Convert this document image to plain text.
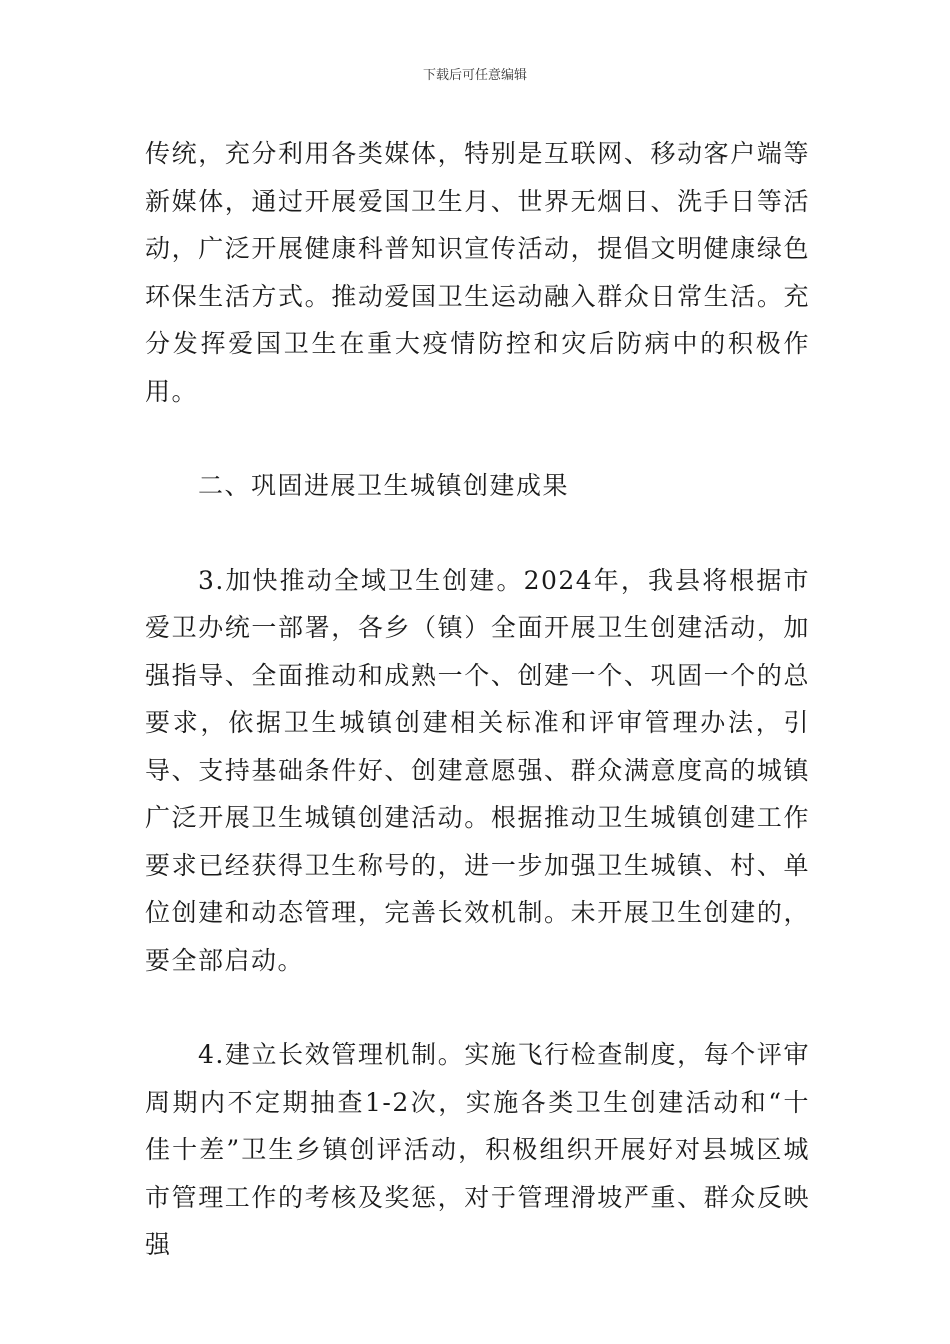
下载后可任意编辑

传统，充分利用各类媒体，特别是互联网、移动客户端等新媒体，通过开展爱国卫生月、世界无烟日、洗手日等活动，广泛开展健康科普知识宣传活动，提倡文明健康绿色环保生活方式。推动爱国卫生运动融入群众日常生活。充分发挥爱国卫生在重大疫情防控和灾后防病中的积极作用。

二、巩固进展卫生城镇创建成果

3.加快推动全域卫生创建。2024年，我县将根据市爱卫办统一部署，各乡（镇）全面开展卫生创建活动，加强指导、全面推动和成熟一个、创建一个、巩固一个的总要求，依据卫生城镇创建相关标准和评审管理办法，引导、支持基础条件好、创建意愿强、群众满意度高的城镇广泛开展卫生城镇创建活动。根据推动卫生城镇创建工作要求已经获得卫生称号的，进一步加强卫生城镇、村、单位创建和动态管理，完善长效机制。未开展卫生创建的，要全部启动。

4.建立长效管理机制。实施飞行检查制度，每个评审周期内不定期抽查1-2次，实施各类卫生创建活动和“十佳十差”卫生乡镇创评活动，积极组织开展好对县城区城市管理工作的考核及奖惩，对于管理滑坡严重、群众反映强
